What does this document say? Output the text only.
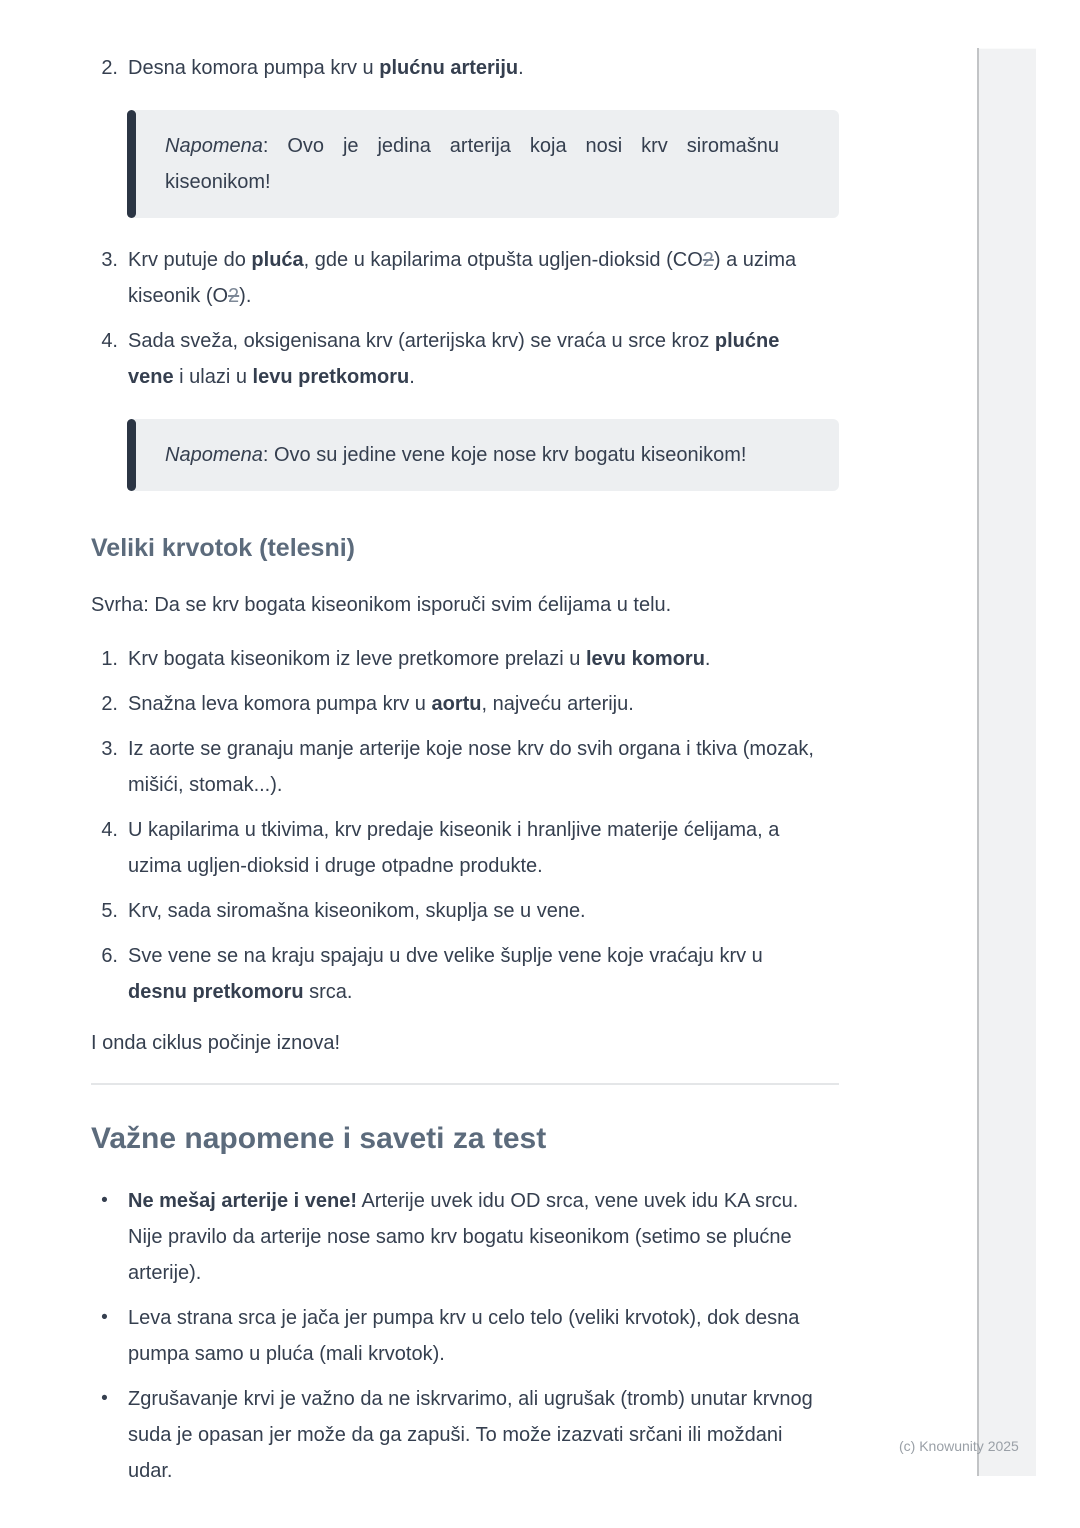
2. Desna komora pumpa krv u plućnu arteriju.

Napomena: Ovo je jedina arterija koja nosi krv siromašnu kiseonikom!

3. Krv putuje do pluća, gde u kapilarima otpušta ugljen-dioksid (CO2) a uzima kiseonik (O2).

4. Sada sveža, oksigenisana krv (arterijska krv) se vraća u srce kroz plućne vene i ulazi u levu pretkomoru.

Napomena: Ovo su jedine vene koje nose krv bogatu kiseonikom!

Veliki krvotok (telesni)

Svrha: Da se krv bogata kiseonikom isporuči svim ćelijama u telu.

1. Krv bogata kiseonikom iz leve pretkomore prelazi u levu komoru.

2. Snažna leva komora pumpa krv u aortu, najveću arteriju.

3. Iz aorte se granaju manje arterije koje nose krv do svih organa i tkiva (mozak, mišići, stomak...).

4. U kapilarima u tkivima, krv predaje kiseonik i hranljive materije ćelijama, a uzima ugljen-dioksid i druge otpadne produkte.

5. Krv, sada siromašna kiseonikom, skuplja se u vene.

6. Sve vene se na kraju spajaju u dve velike šuplje vene koje vraćaju krv u desnu pretkomoru srca.

I onda ciklus počinje iznova!

Važne napomene i saveti za test
•	Ne mešaj arterije i vene! Arterije uvek idu OD srca, vene uvek idu KA srcu. Nije pravilo da arterije nose samo krv bogatu kiseonikom (setimo se plućne arterije).

•	Leva strana srca je jača jer pumpa krv u celo telo (veliki krvotok), dok desna pumpa samo u pluća (mali krvotok).

•	Zgrušavanje krvi je važno da ne iskrvarimo, ali ugrušak (tromb) unutar krvnog suda je opasan jer može da ga zapuši. To može izazvati srčani ili moždani udar.

(c) Knowunity 2025
